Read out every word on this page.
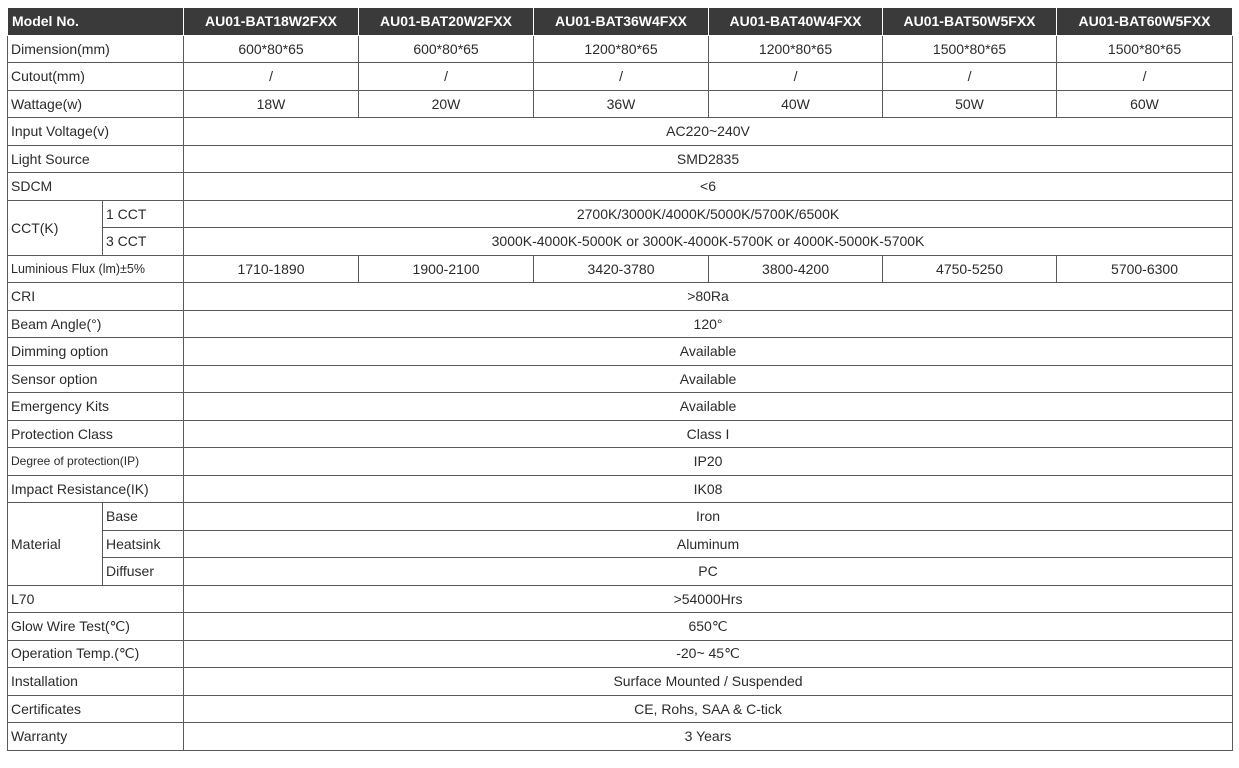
Model No.		AU01-BAT18W2FXX	AU01-BAT20W2FXX	AU01-BAT36W4FXX	AU01-BAT40W4FXX	AU01-BAT50W5FXX	AU01-BAT60W5FXX
Dimension(mm)		600*80*65	600*80*65	1200*80*65	1200*80*65	1500*80*65	1500*80*65
Cutout(mm)		/	/	/	/	/	/
Wattage(w)		18W	20W	36W	40W	50W	60W
Input Voltage(v)		AC220~240V					
Light Source		SMD2835					
SDCM		<6					
CCT(K)	1 CCT	2700K/3000K/4000K/5000K/5700K/6500K					
	3 CCT	3000K-4000K-5000K or 3000K-4000K-5700K or 4000K-5000K-5700K					
Luminious Flux (lm)±5%		1710-1890	1900-2100	3420-3780	3800-4200	4750-5250	5700-6300
CRI		>80Ra					
Beam Angle(°)		120°					
Dimming option		Available					
Sensor option		Available					
Emergency Kits		Available					
Protection Class		Class I					
Degree of protection(IP)		IP20					
Impact Resistance(IK)		IK08					
Material	Base	Iron					
	Heatsink	Aluminum					
	Diffuser	PC					
L70		>54000Hrs					
Glow Wire Test(℃)		650℃					
Operation Temp.(℃)		-20~ 45℃					
Installation		Surface Mounted / Suspended					
Certificates		CE, Rohs, SAA & C-tick					
Warranty		3 Years					
